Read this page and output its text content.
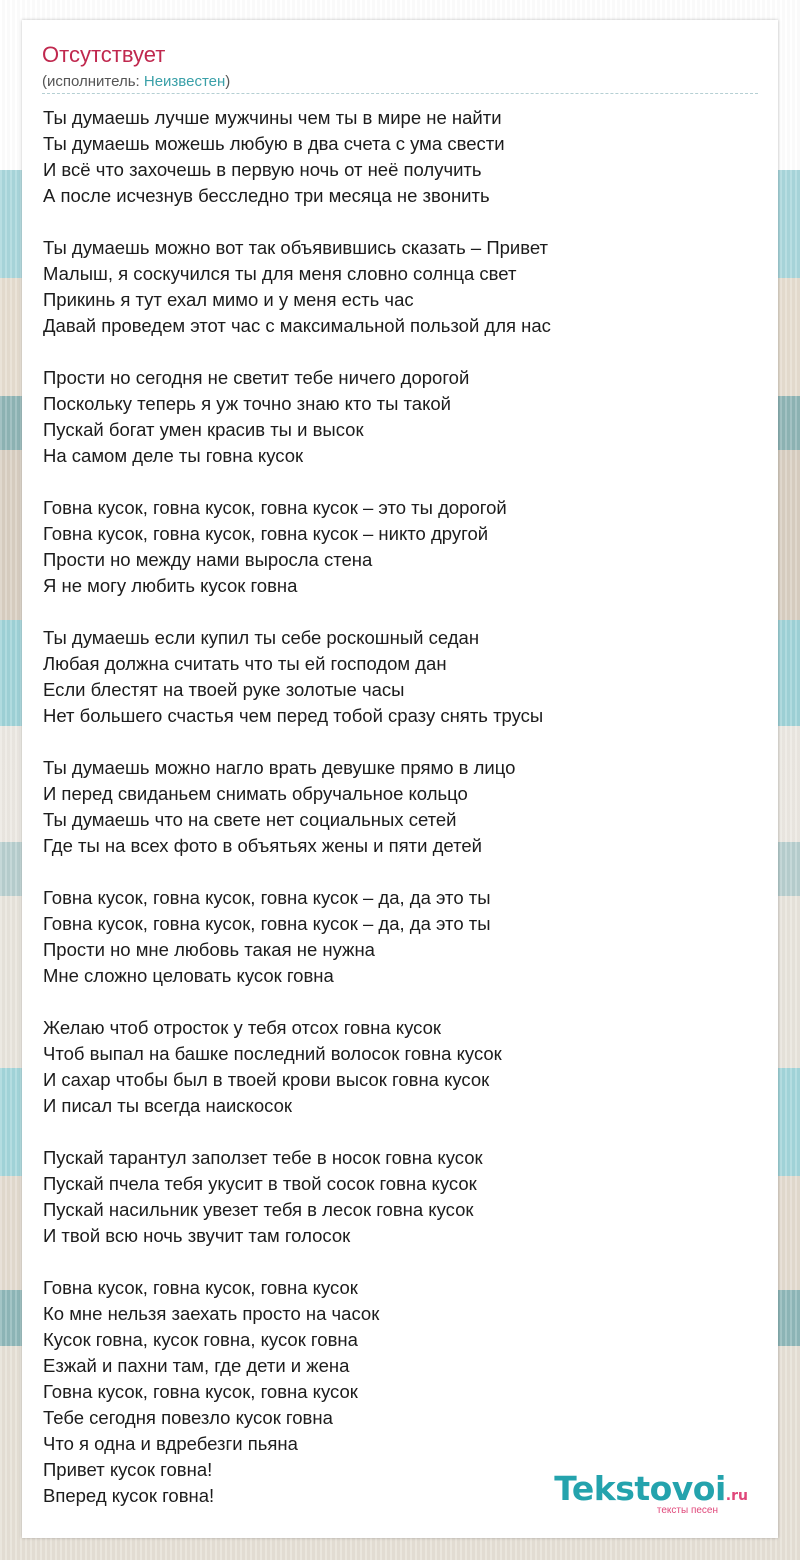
Отсутствует
(исполнитель: Неизвестен)
Ты думаешь лучше мужчины чем ты в мире не найти
Ты думаешь можешь любую в два счета с ума свести
И всё что захочешь в первую ночь от неё получить
А после исчезнув бесследно три месяца не звонить
Ты думаешь можно вот так объявившись сказать – Привет
Малыш, я соскучился ты для меня словно солнца свет
Прикинь я тут ехал мимо и у меня есть час
Давай проведем этот час с максимальной пользой для нас
Прости но сегодня не светит тебе ничего дорогой
Поскольку теперь я уж точно знаю кто ты такой
Пускай богат умен красив ты и высок
На самом деле ты говна кусок
Говна кусок, говна кусок, говна кусок – это ты дорогой
Говна кусок, говна кусок, говна кусок – никто другой
Прости но между нами выросла стена
Я не могу любить кусок говна
Ты думаешь если купил ты себе роскошный седан
Любая должна считать что ты ей господом дан
Если блестят на твоей руке золотые часы
Нет большего счастья чем перед тобой сразу снять трусы
Ты думаешь можно нагло врать девушке прямо в лицо
И перед свиданьем снимать обручальное кольцо
Ты думаешь что на свете нет социальных сетей
Где ты на всех фото в объятьях жены и пяти детей
Говна кусок, говна кусок, говна кусок – да, да это ты
Говна кусок, говна кусок, говна кусок – да, да это ты
Прости но мне любовь такая не нужна
Мне сложно целовать кусок говна
Желаю чтоб отросток у тебя отсох говна кусок
Чтоб выпал на башке последний волосок говна кусок
И сахар чтобы был в твоей крови высок говна кусок
И писал ты всегда наискосок
Пускай тарантул заползет тебе в носок говна кусок
Пускай пчела тебя укусит в твой сосок говна кусок
Пускай насильник увезет тебя в лесок говна кусок
И твой всю ночь звучит там голосок
Говна кусок, говна кусок, говна кусок
Ко мне нельзя заехать просто на часок
Кусок говна, кусок говна, кусок говна
Езжай и пахни там, где дети и жена
Говна кусок, говна кусок, говна кусок
Тебе сегодня повезло кусок говна
Что я одна и вдребезги пьяна
Привет кусок говна!
Вперед кусок говна!	Tekstovoi.ru
тексты песен
